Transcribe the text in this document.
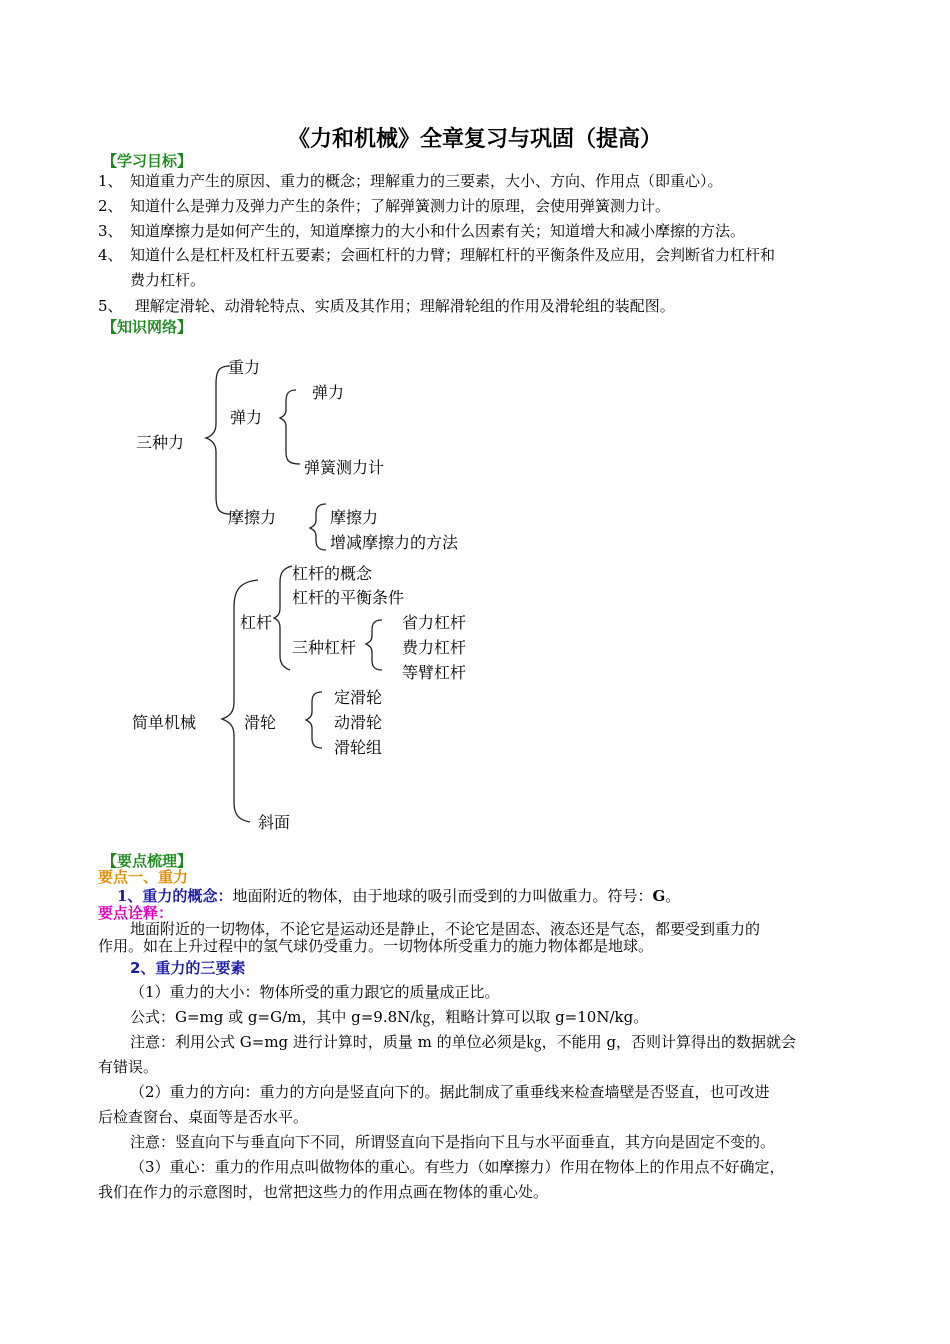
《力和机械》全章复习与巩固（提高）
【学习目标】
1、 知道重力产生的原因、重力的概念；理解重力的三要素，大小、方向、作用点（即重心）。
2、 知道什么是弹力及弹力产生的条件；了解弹簧测力计的原理，会使用弹簧测力计。
3、 知道摩擦力是如何产生的，知道摩擦力的大小和什么因素有关；知道增大和减小摩擦的方法。
4、 知道什么是杠杆及杠杆五要素；会画杠杆的力臂；理解杠杆的平衡条件及应用，会判断省力杠杆和
费力杠杆。
5、 理解定滑轮、动滑轮特点、实质及其作用；理解滑轮组的作用及滑轮组的装配图。
【知识网络】
重力
弹力
弹力
三种力
弹簧测力计
摩擦力	摩擦力
增减摩擦力的方法
杠杆的概念
杠杆的平衡条件
省力杠杆
杠杆
三种杠杆	费力杠杆
等臂杠杆
定滑轮
简单机械	滑轮	动滑轮
滑轮组
斜面
【要点梳理】
要点一、重力
1、重力的概念：地面附近的物体，由于地球的吸引而受到的力叫做重力。符号：G。
要点诠释：
地面附近的一切物体，不论它是运动还是静止，不论它是固态、液态还是气态，都要受到重力的
作用。如在上升过程中的氢气球仍受重力。一切物体所受重力的施力物体都是地球。
2、重力的三要素
（1）重力的大小：物体所受的重力跟它的质量成正比。
公式：G=mg 或 g=G/m，其中 g=9.8N/㎏，粗略计算可以取 g=10N/kg。
注意：利用公式 G=mg 进行计算时，质量 m 的单位必须是㎏，不能用 g，否则计算得出的数据就会
有错误。
（2）重力的方向：重力的方向是竖直向下的。据此制成了重垂线来检查墙壁是否竖直，也可改进
后检查窗台、桌面等是否水平。
注意：竖直向下与垂直向下不同，所谓竖直向下是指向下且与水平面垂直，其方向是固定不变的。
（3）重心：重力的作用点叫做物体的重心。有些力（如摩擦力）作用在物体上的作用点不好确定，
我们在作力的示意图时，也常把这些力的作用点画在物体的重心处。
